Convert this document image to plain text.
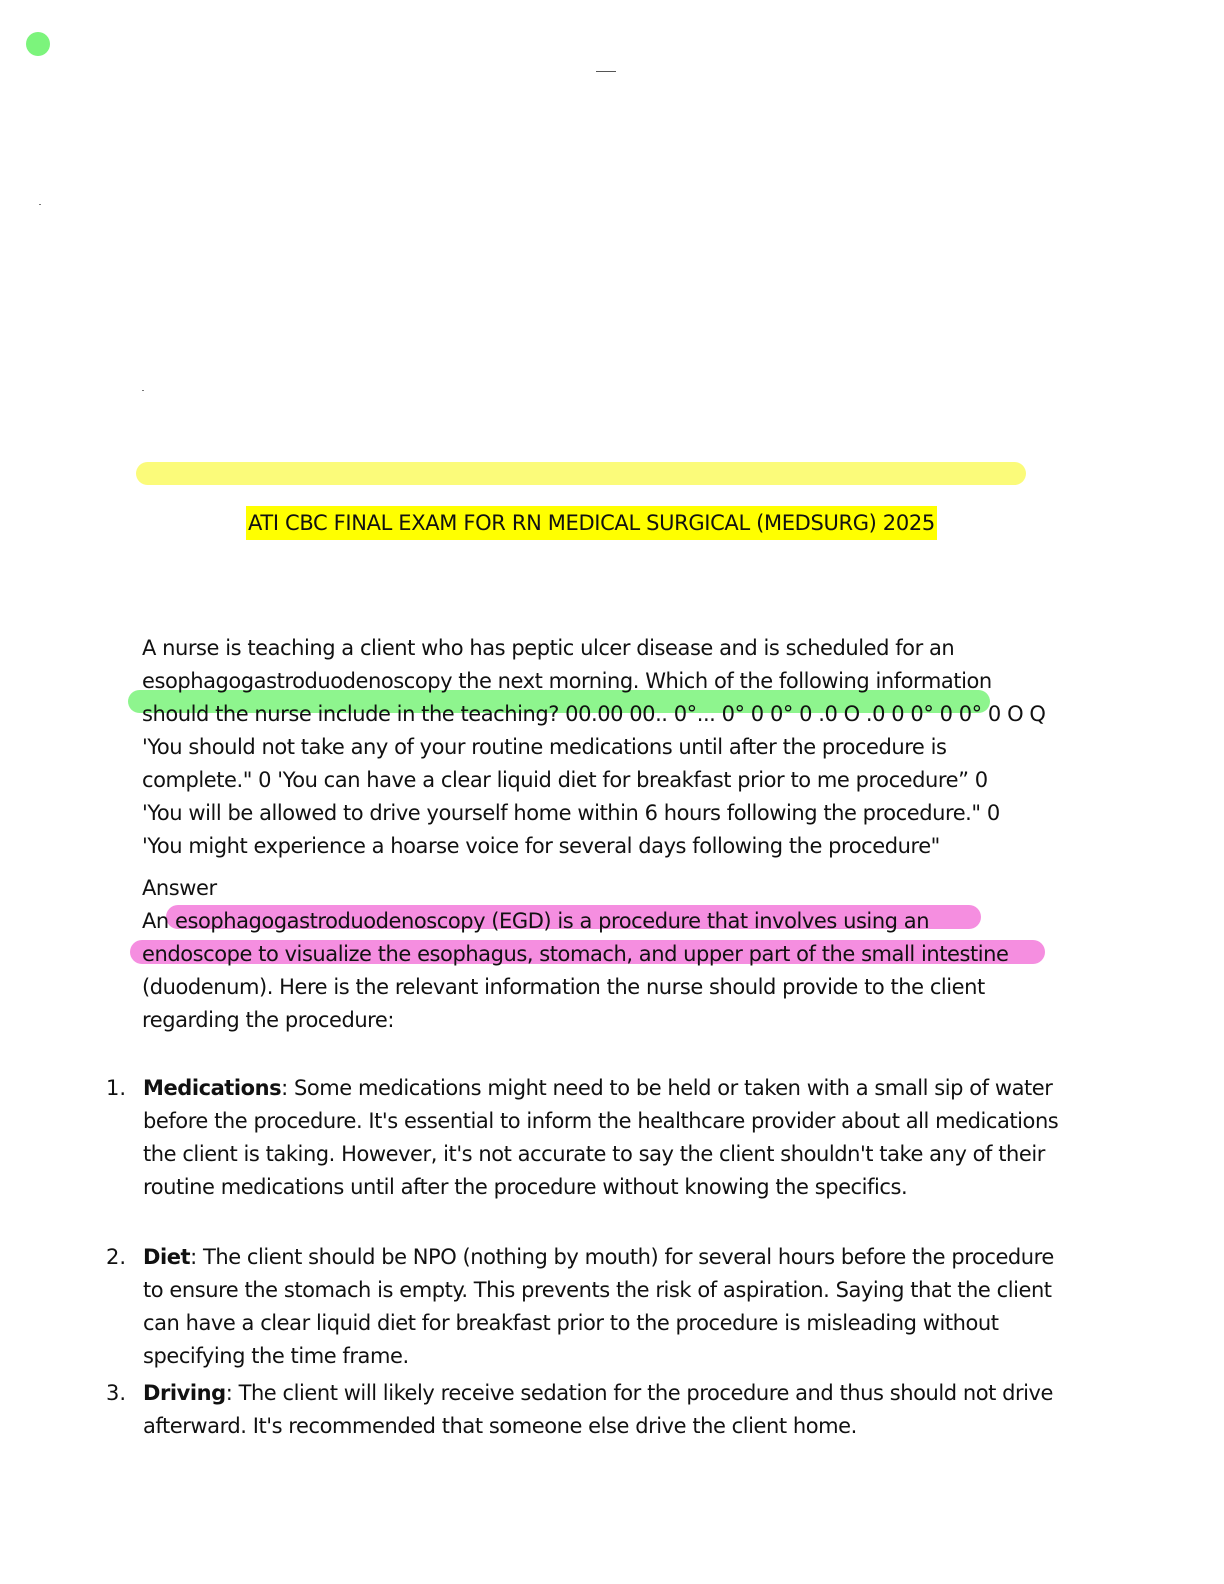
ATI CBC FINAL EXAM FOR RN MEDICAL SURGICAL (MEDSURG) 2025
A nurse is teaching a client who has peptic ulcer disease and is scheduled for an
esophagogastroduodenoscopy the next morning. Which of the following information
should the nurse include in the teaching? 00.00 00.. 0°... 0° 0 0° 0 .0 O .0 0 0° 0 0° 0 O Q
'You should not take any of your routine medications until after the procedure is
complete." 0 'You can have a clear liquid diet for breakfast prior to me procedure” 0
'You will be allowed to drive yourself home within 6 hours following the procedure." 0
'You might experience a hoarse voice for several days following the procedure"
Answer
An esophagogastroduodenoscopy (EGD) is a procedure that involves using an
endoscope to visualize the esophagus, stomach, and upper part of the small intestine
(duodenum). Here is the relevant information the nurse should provide to the client
regarding the procedure:
1. Medications: Some medications might need to be held or taken with a small sip of water before the procedure. It's essential to inform the healthcare provider about all medications the client is taking. However, it's not accurate to say the client shouldn't take any of their routine medications until after the procedure without knowing the specifics.
2. Diet: The client should be NPO (nothing by mouth) for several hours before the procedure to ensure the stomach is empty. This prevents the risk of aspiration. Saying that the client can have a clear liquid diet for breakfast prior to the procedure is misleading without specifying the time frame.
3. Driving: The client will likely receive sedation for the procedure and thus should not drive afterward. It's recommended that someone else drive the client home.
